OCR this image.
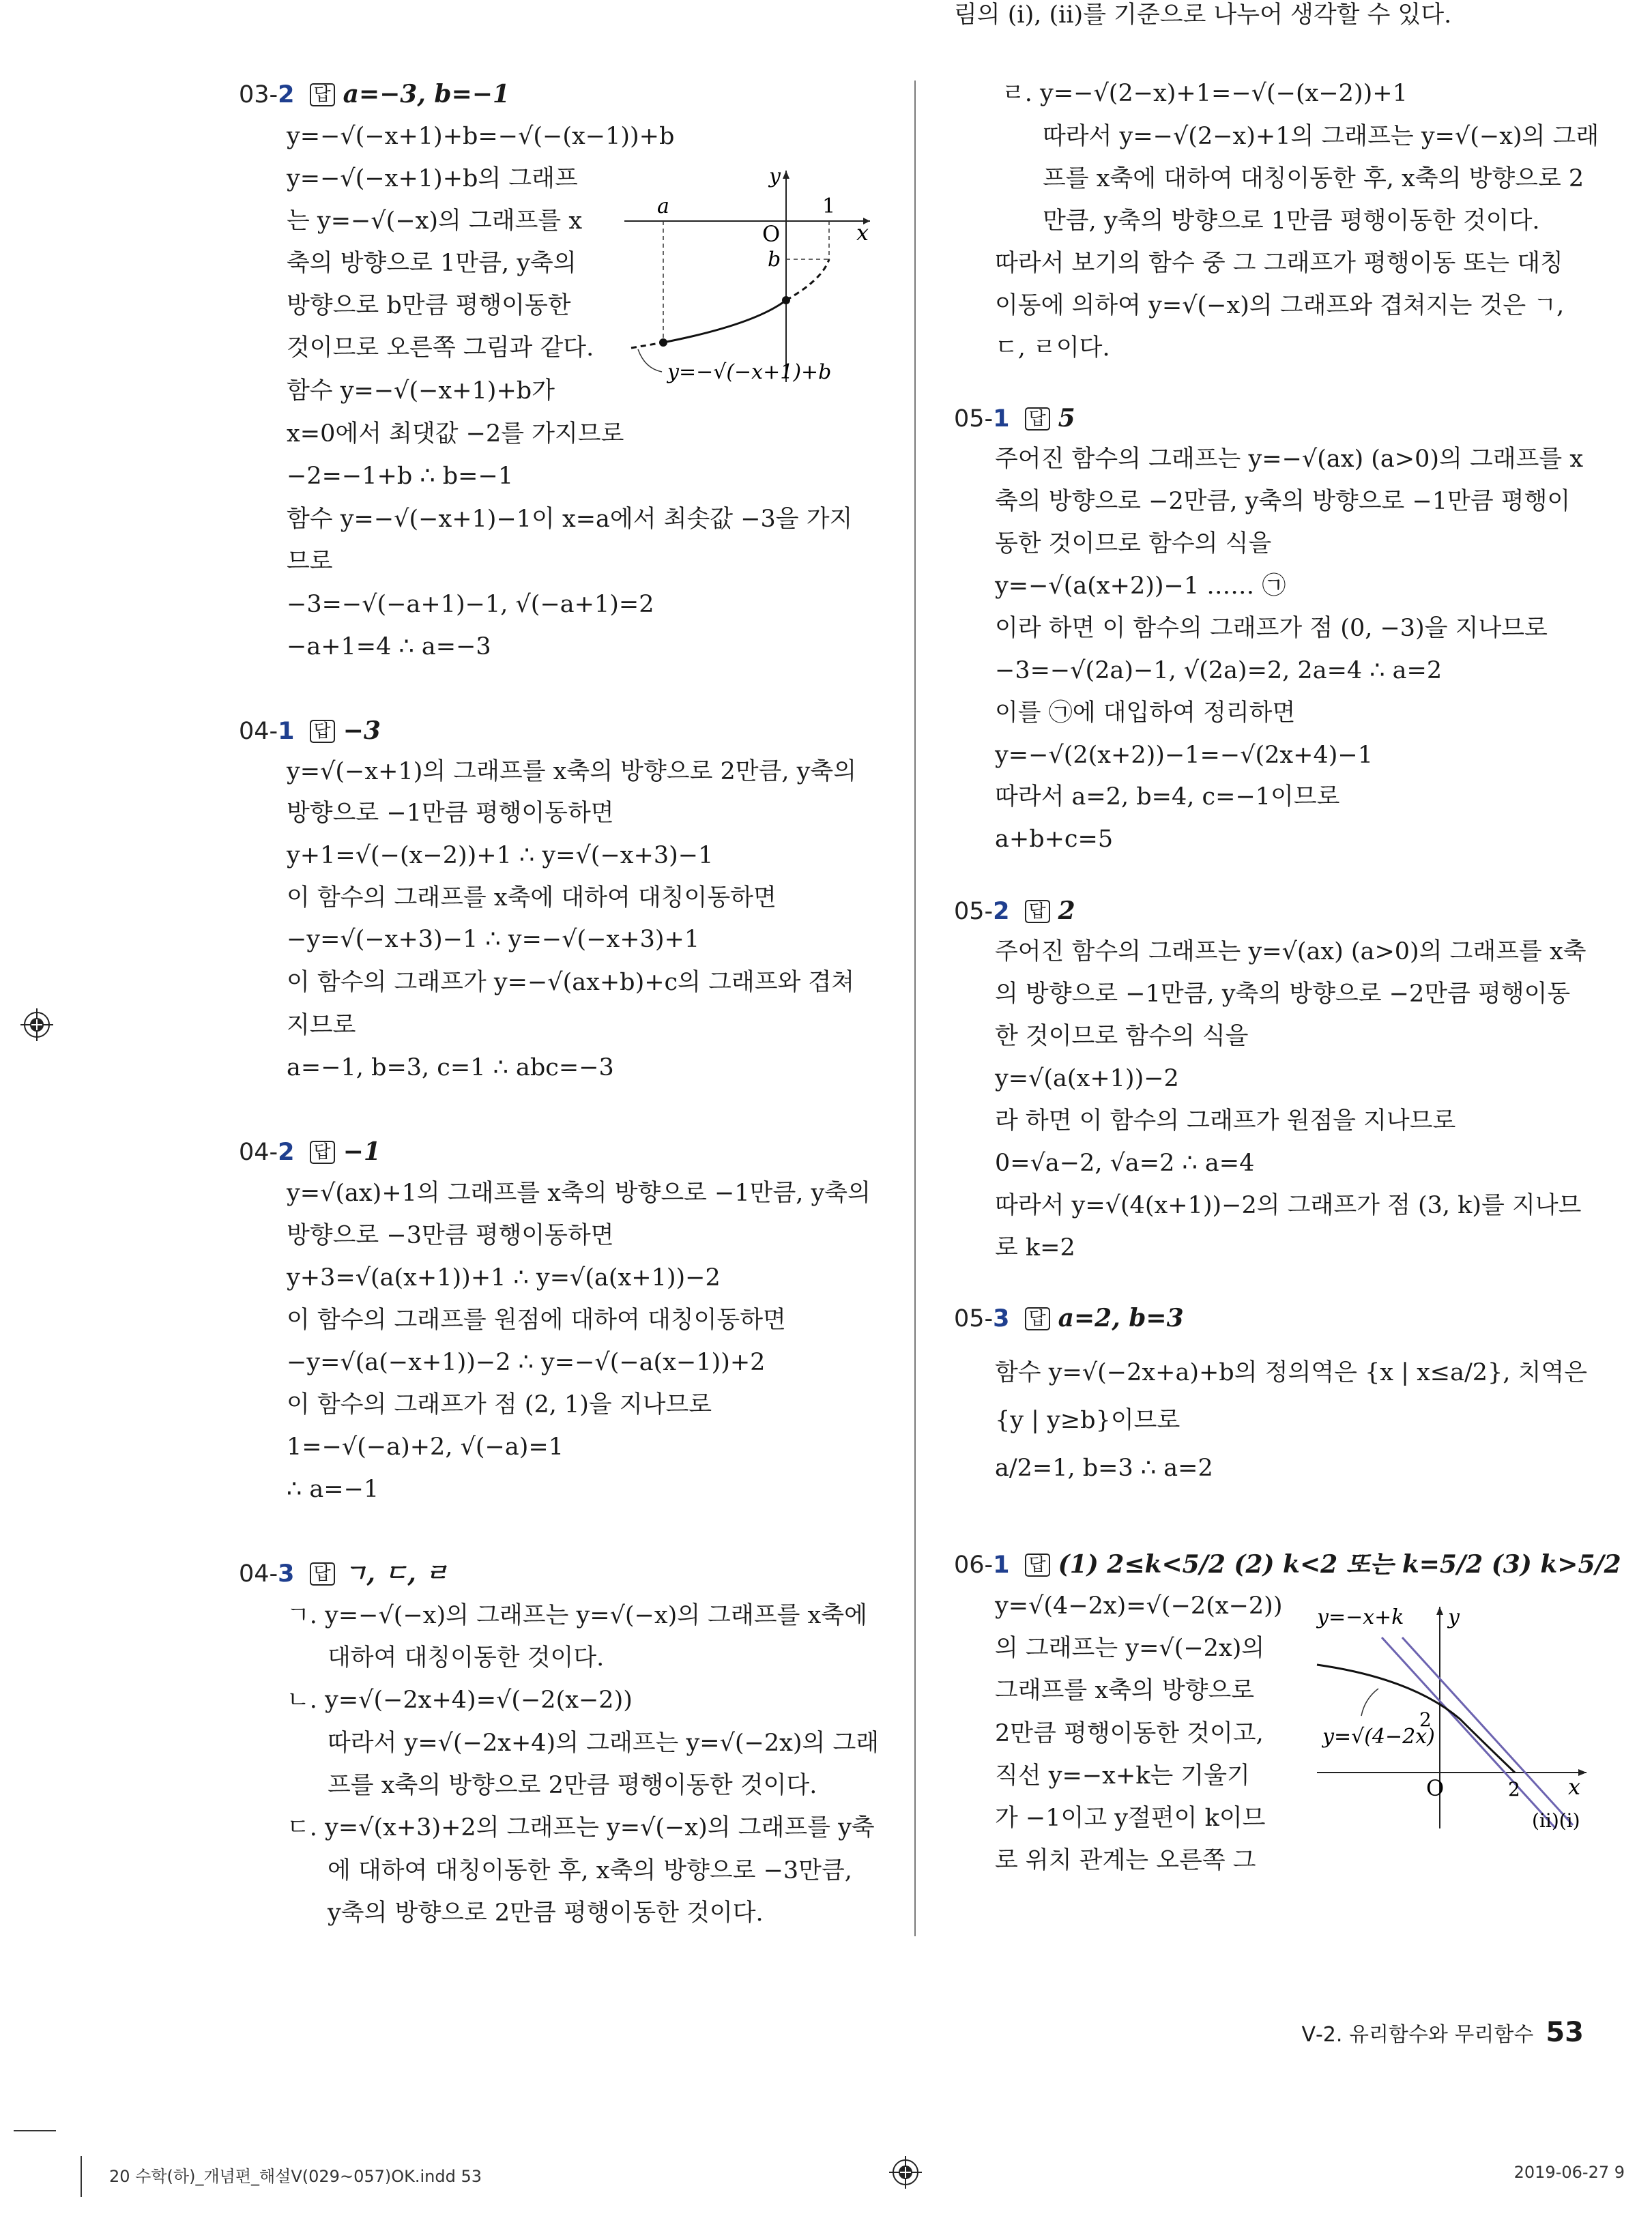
03-2 답 a=−3, b=−1
y=−√(−x+1)+b=−√(−(x−1))+b
y=−√(−x+1)+b의 그래프
는 y=−√(−x)의 그래프를 x
축의 방향으로 1만큼, y축의
방향으로 b만큼 평행이동한
것이므로 오른쪽 그림과 같다.
함수 y=−√(−x+1)+b가
x=0에서 최댓값 −2를 가지므로
−2=−1+b ∴ b=−1
함수 y=−√(−x+1)−1이 x=a에서 최솟값 −3을 가지
므로
−3=−√(−a+1)−1, √(−a+1)=2
−a+1=4 ∴ a=−3
04-1 답 −3
y=√(−x+1)의 그래프를 x축의 방향으로 2만큼, y축의
방향으로 −1만큼 평행이동하면
y+1=√(−(x−2))+1 ∴ y=√(−x+3)−1
이 함수의 그래프를 x축에 대하여 대칭이동하면
−y=√(−x+3)−1 ∴ y=−√(−x+3)+1
이 함수의 그래프가 y=−√(ax+b)+c의 그래프와 겹쳐
지므로
a=−1, b=3, c=1 ∴ abc=−3
04-2 답 −1
y=√(ax)+1의 그래프를 x축의 방향으로 −1만큼, y축의
방향으로 −3만큼 평행이동하면
y+3=√(a(x+1))+1 ∴ y=√(a(x+1))−2
이 함수의 그래프를 원점에 대하여 대칭이동하면
−y=√(a(−x+1))−2 ∴ y=−√(−a(x−1))+2
이 함수의 그래프가 점 (2, 1)을 지나므로
1=−√(−a)+2, √(−a)=1
∴ a=−1
04-3 답 ㄱ, ㄷ, ㄹ
ㄱ. y=−√(−x)의 그래프는 y=√(−x)의 그래프를 x축에
대하여 대칭이동한 것이다.
ㄴ. y=√(−2x+4)=√(−2(x−2))
따라서 y=√(−2x+4)의 그래프는 y=√(−2x)의 그래
프를 x축의 방향으로 2만큼 평행이동한 것이다.
ㄷ. y=√(x+3)+2의 그래프는 y=√(−x)의 그래프를 y축
에 대하여 대칭이동한 후, x축의 방향으로 −3만큼,
y축의 방향으로 2만큼 평행이동한 것이다.
ㄹ. y=−√(2−x)+1=−√(−(x−2))+1
따라서 y=−√(2−x)+1의 그래프는 y=√(−x)의 그래
프를 x축에 대하여 대칭이동한 후, x축의 방향으로 2
만큼, y축의 방향으로 1만큼 평행이동한 것이다.
따라서 보기의 함수 중 그 그래프가 평행이동 또는 대칭
이동에 의하여 y=√(−x)의 그래프와 겹쳐지는 것은 ㄱ,
ㄷ, ㄹ이다.
05-1 답 5
주어진 함수의 그래프는 y=−√(ax) (a>0)의 그래프를 x
축의 방향으로 −2만큼, y축의 방향으로 −1만큼 평행이
동한 것이므로 함수의 식을
y=−√(a(x+2))−1 …… ㉠
이라 하면 이 함수의 그래프가 점 (0, −3)을 지나므로
−3=−√(2a)−1, √(2a)=2, 2a=4 ∴ a=2
이를 ㉠에 대입하여 정리하면
y=−√(2(x+2))−1=−√(2x+4)−1
따라서 a=2, b=4, c=−1이므로
a+b+c=5
05-2 답 2
주어진 함수의 그래프는 y=√(ax) (a>0)의 그래프를 x축
의 방향으로 −1만큼, y축의 방향으로 −2만큼 평행이동
한 것이므로 함수의 식을
y=√(a(x+1))−2
라 하면 이 함수의 그래프가 원점을 지나므로
0=√a−2, √a=2 ∴ a=4
따라서 y=√(4(x+1))−2의 그래프가 점 (3, k)를 지나므
로 k=2
05-3 답 a=2, b=3
함수 y=√(−2x+a)+b의 정의역은 {x | x≤a/2}, 치역은
{y | y≥b}이므로
a/2=1, b=3 ∴ a=2
06-1 답 (1) 2≤k<5/2 (2) k<2 또는 k=5/2 (3) k>5/2
y=√(4−2x)=√(−2(x−2))
의 그래프는 y=√(−2x)의
그래프를 x축의 방향으로
2만큼 평행이동한 것이고,
직선 y=−x+k는 기울기
가 −1이고 y절편이 k이므
로 위치 관계는 오른쪽 그
림의 (i), (ii)를 기준으로 나누어 생각할 수 있다.
y
x
a	1
O
b
y=−√(−x+1)+b
y=−x+k y
2
y=√(4−2x)
O	2 x
(ii)(i)
Ⅴ-2. 유리함수와 무리함수 53
20 수학(하)_개념편_해설Ⅴ(029~057)OK.indd 53	2019-06-27 9
